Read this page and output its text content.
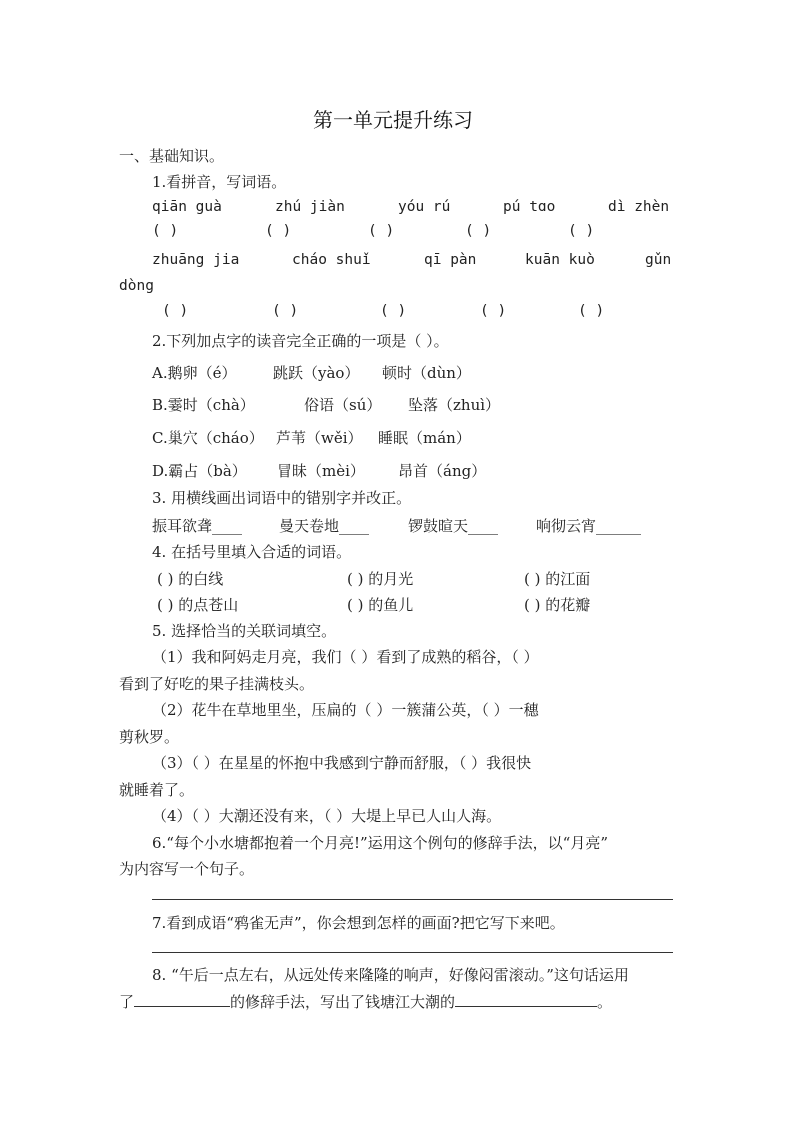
第一单元提升练习
一、基础知识。
1.看拼音，写词语。
qiān guà	zhú jiàn	yóu rú	pú tɑo	dì zhèn
( )	( )	( )	( )	( )
zhuāng jia	cháo shuǐ	qī pàn	kuān kuò	gǔn
dòng
( )	( )	( )	( )	( )
2.下列加点字的读音完全正确的一项是（ ）。
A.鹅卵（é） 跳跃（yào） 顿时（dùn）
B.霎时（chà）	俗语（sú） 坠落（zhuì）
C.巢穴（cháo） 芦苇（wěi） 睡眠（mán）
D.霸占（bà） 冒昧（mèi） 昂首（áng）
3. 用横线画出词语中的错别字并改正。
振耳欲聋____ 曼天卷地____	锣鼓暄天____	响彻云宵______
4. 在括号里填入合适的词语。
( ) 的白线	( ) 的月光	( ) 的江面
( ) 的点苍山	( ) 的鱼儿	( ) 的花瓣
5. 选择恰当的关联词填空。
（1）我和阿妈走月亮，我们（ ）看到了成熟的稻谷，（ ）
看到了好吃的果子挂满枝头。
（2）花牛在草地里坐，压扁的（ ）一簇蒲公英，（ ）一穗
剪秋罗。
（3）（ ）在星星的怀抱中我感到宁静而舒服，（ ）我很快
就睡着了。
（4）（ ）大潮还没有来，（ ）大堤上早已人山人海。
6.“每个小水塘都抱着一个月亮!”运用这个例句的修辞手法，以“月亮”
为内容写一个句子。
7.看到成语“鸦雀无声”，你会想到怎样的画面?把它写下来吧。
8. “午后一点左右，从远处传来隆隆的响声，好像闷雷滚动。”这句话运用
了	的修辞手法，写出了钱塘江大潮的	。
